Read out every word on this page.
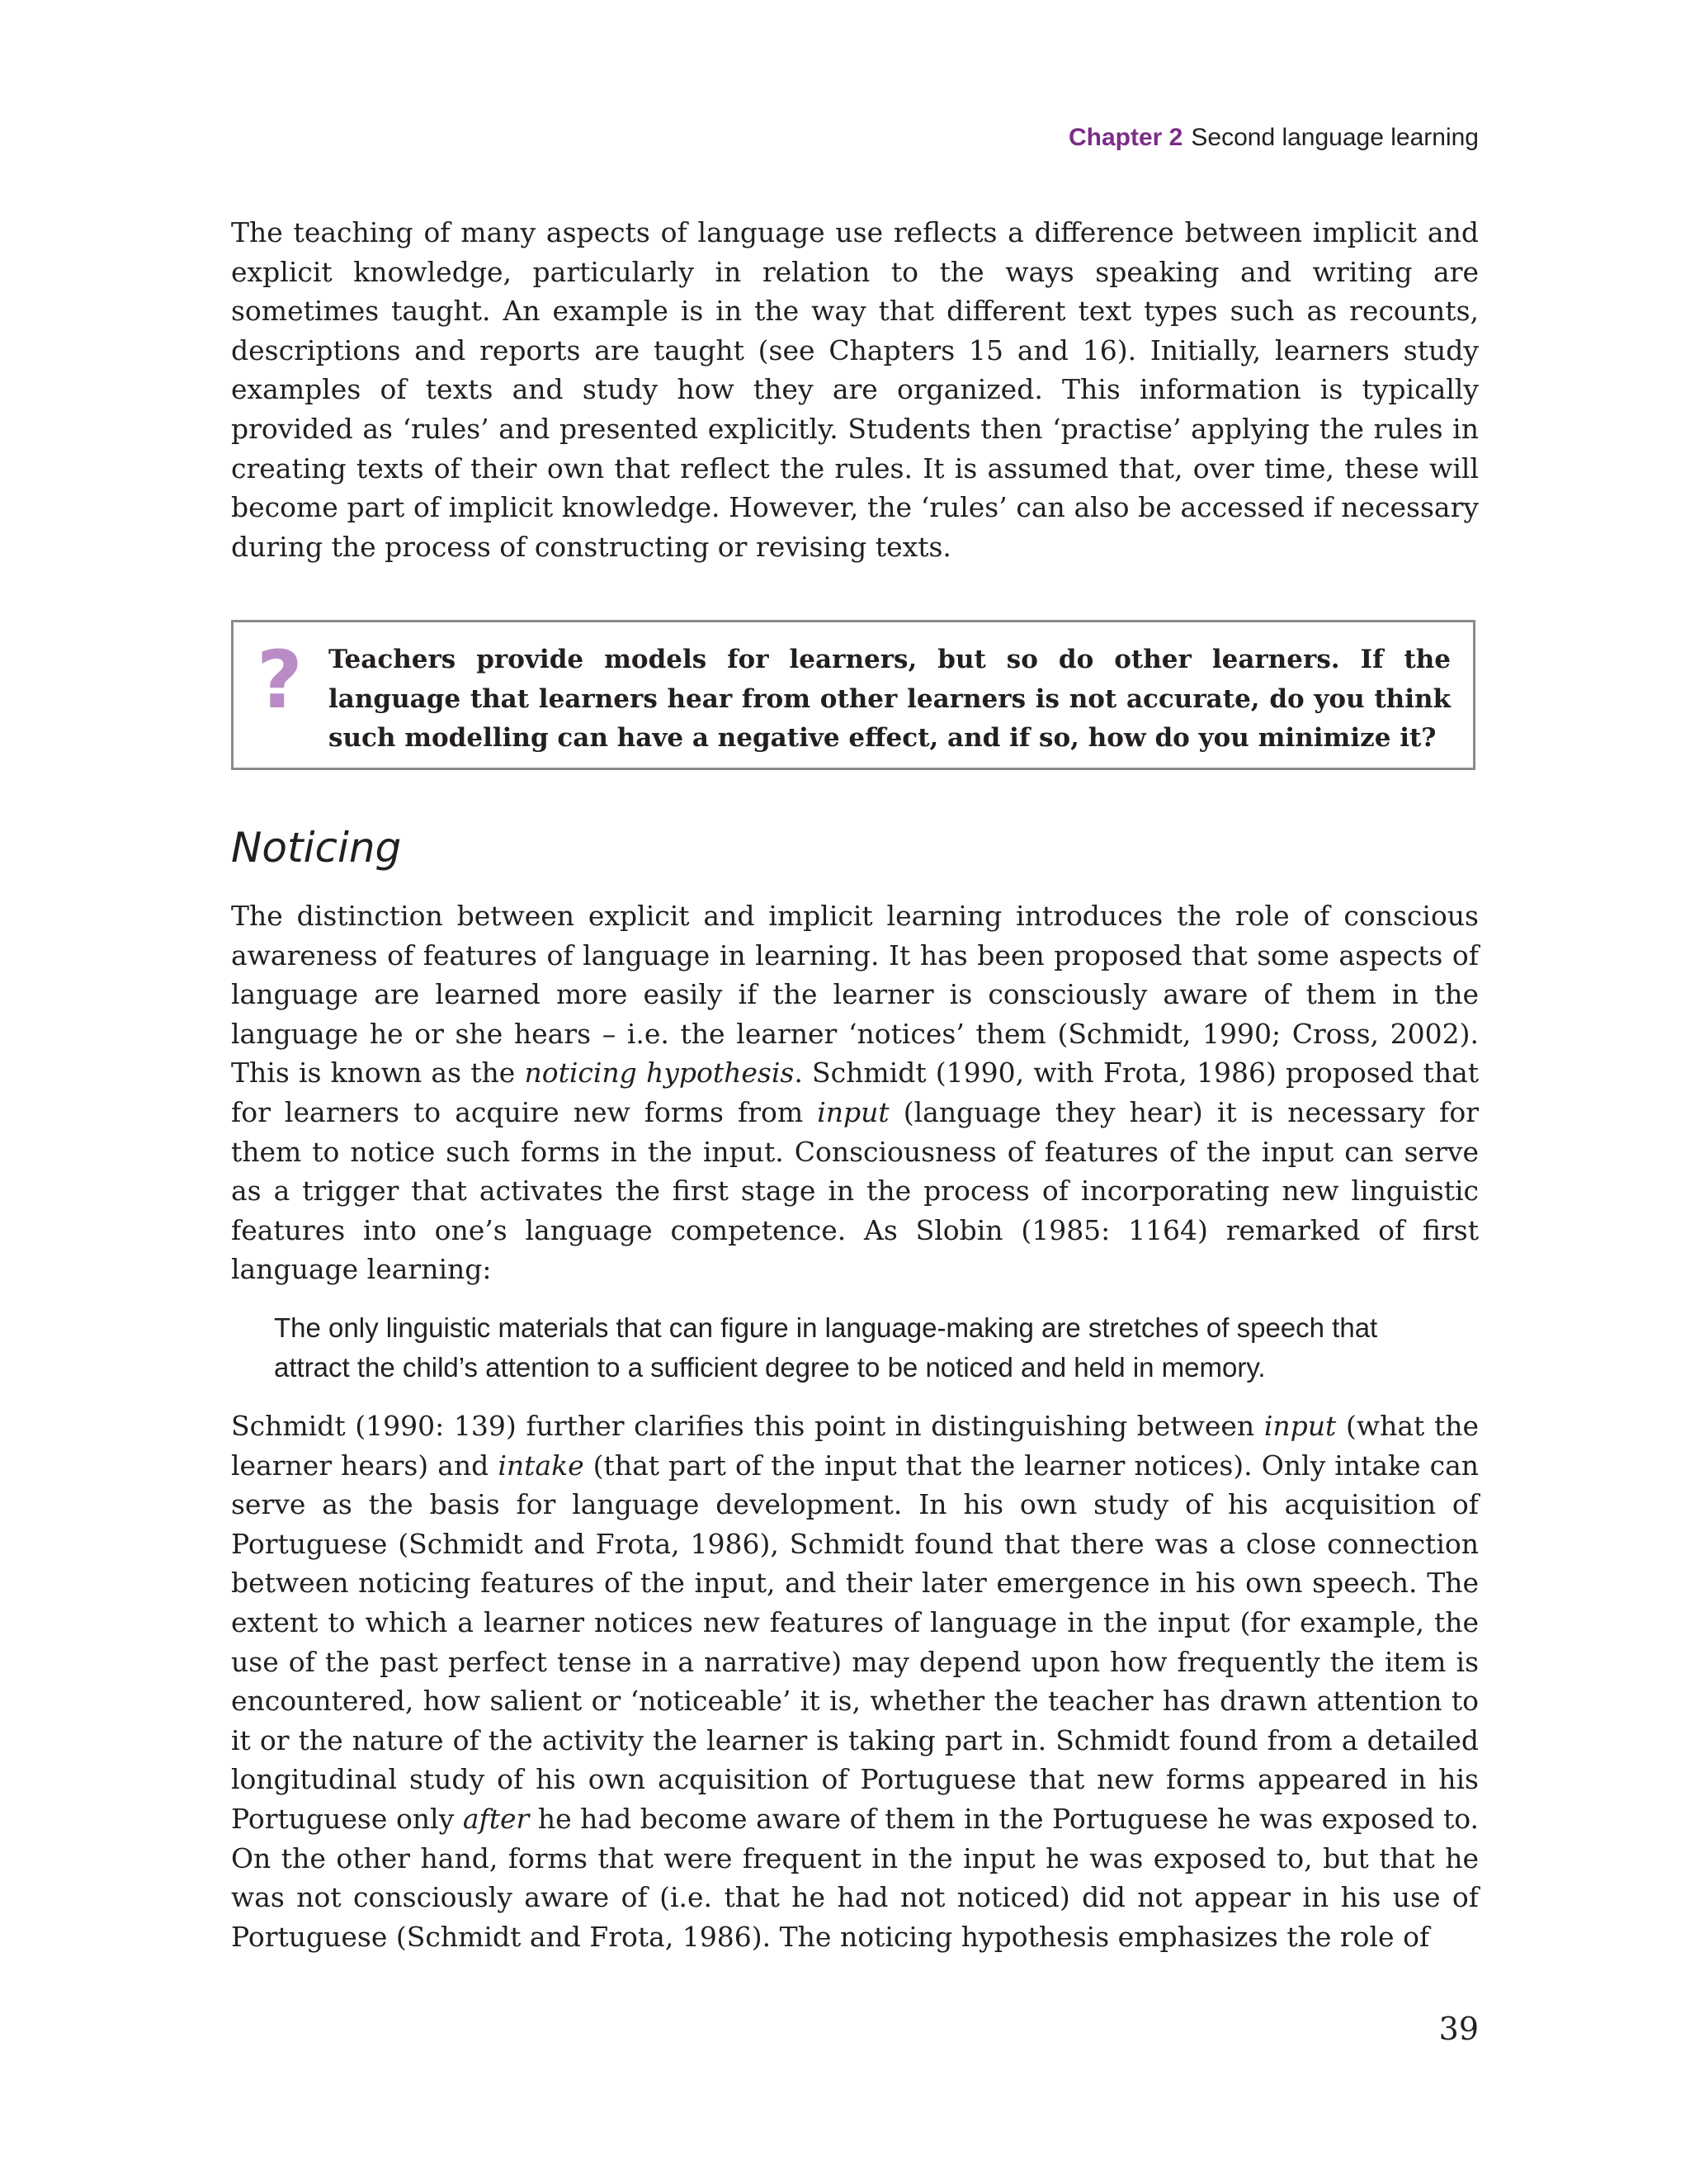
Chapter 2 Second language learning

The teaching of many aspects of language use reflects a difference between implicit and explicit knowledge, particularly in relation to the ways speaking and writing are sometimes taught. An example is in the way that different text types such as recounts, descriptions and reports are taught (see Chapters 15 and 16). Initially, learners study examples of texts and study how they are organized. This information is typically provided as ‘rules’ and presented explicitly. Students then ‘practise’ applying the rules in creating texts of their own that reflect the rules. It is assumed that, over time, these will become part of implicit knowledge. However, the ‘rules’ can also be accessed if necessary during the process of constructing or revising texts.

? Teachers provide models for learners, but so do other learners. If the language that learners hear from other learners is not accurate, do you think such modelling can have a negative effect, and if so, how do you minimize it?

Noticing

The distinction between explicit and implicit learning introduces the role of conscious awareness of features of language in learning. It has been proposed that some aspects of language are learned more easily if the learner is consciously aware of them in the language he or she hears – i.e. the learner ‘notices’ them (Schmidt, 1990; Cross, 2002). This is known as the noticing hypothesis. Schmidt (1990, with Frota, 1986) proposed that for learners to acquire new forms from input (language they hear) it is necessary for them to notice such forms in the input. Consciousness of features of the input can serve as a trigger that activates the first stage in the process of incorporating new linguistic features into one’s language competence. As Slobin (1985: 1164) remarked of first language learning:

The only linguistic materials that can figure in language-making are stretches of speech that attract the child’s attention to a sufficient degree to be noticed and held in memory.

Schmidt (1990: 139) further clarifies this point in distinguishing between input (what the learner hears) and intake (that part of the input that the learner notices). Only intake can serve as the basis for language development. In his own study of his acquisition of Portuguese (Schmidt and Frota, 1986), Schmidt found that there was a close connection between noticing features of the input, and their later emergence in his own speech. The extent to which a learner notices new features of language in the input (for example, the use of the past perfect tense in a narrative) may depend upon how frequently the item is encountered, how salient or ‘noticeable’ it is, whether the teacher has drawn attention to it or the nature of the activity the learner is taking part in. Schmidt found from a detailed longitudinal study of his own acquisition of Portuguese that new forms appeared in his Portuguese only after he had become aware of them in the Portuguese he was exposed to. On the other hand, forms that were frequent in the input he was exposed to, but that he was not consciously aware of (i.e. that he had not noticed) did not appear in his use of Portuguese (Schmidt and Frota, 1986). The noticing hypothesis emphasizes the role of

39
